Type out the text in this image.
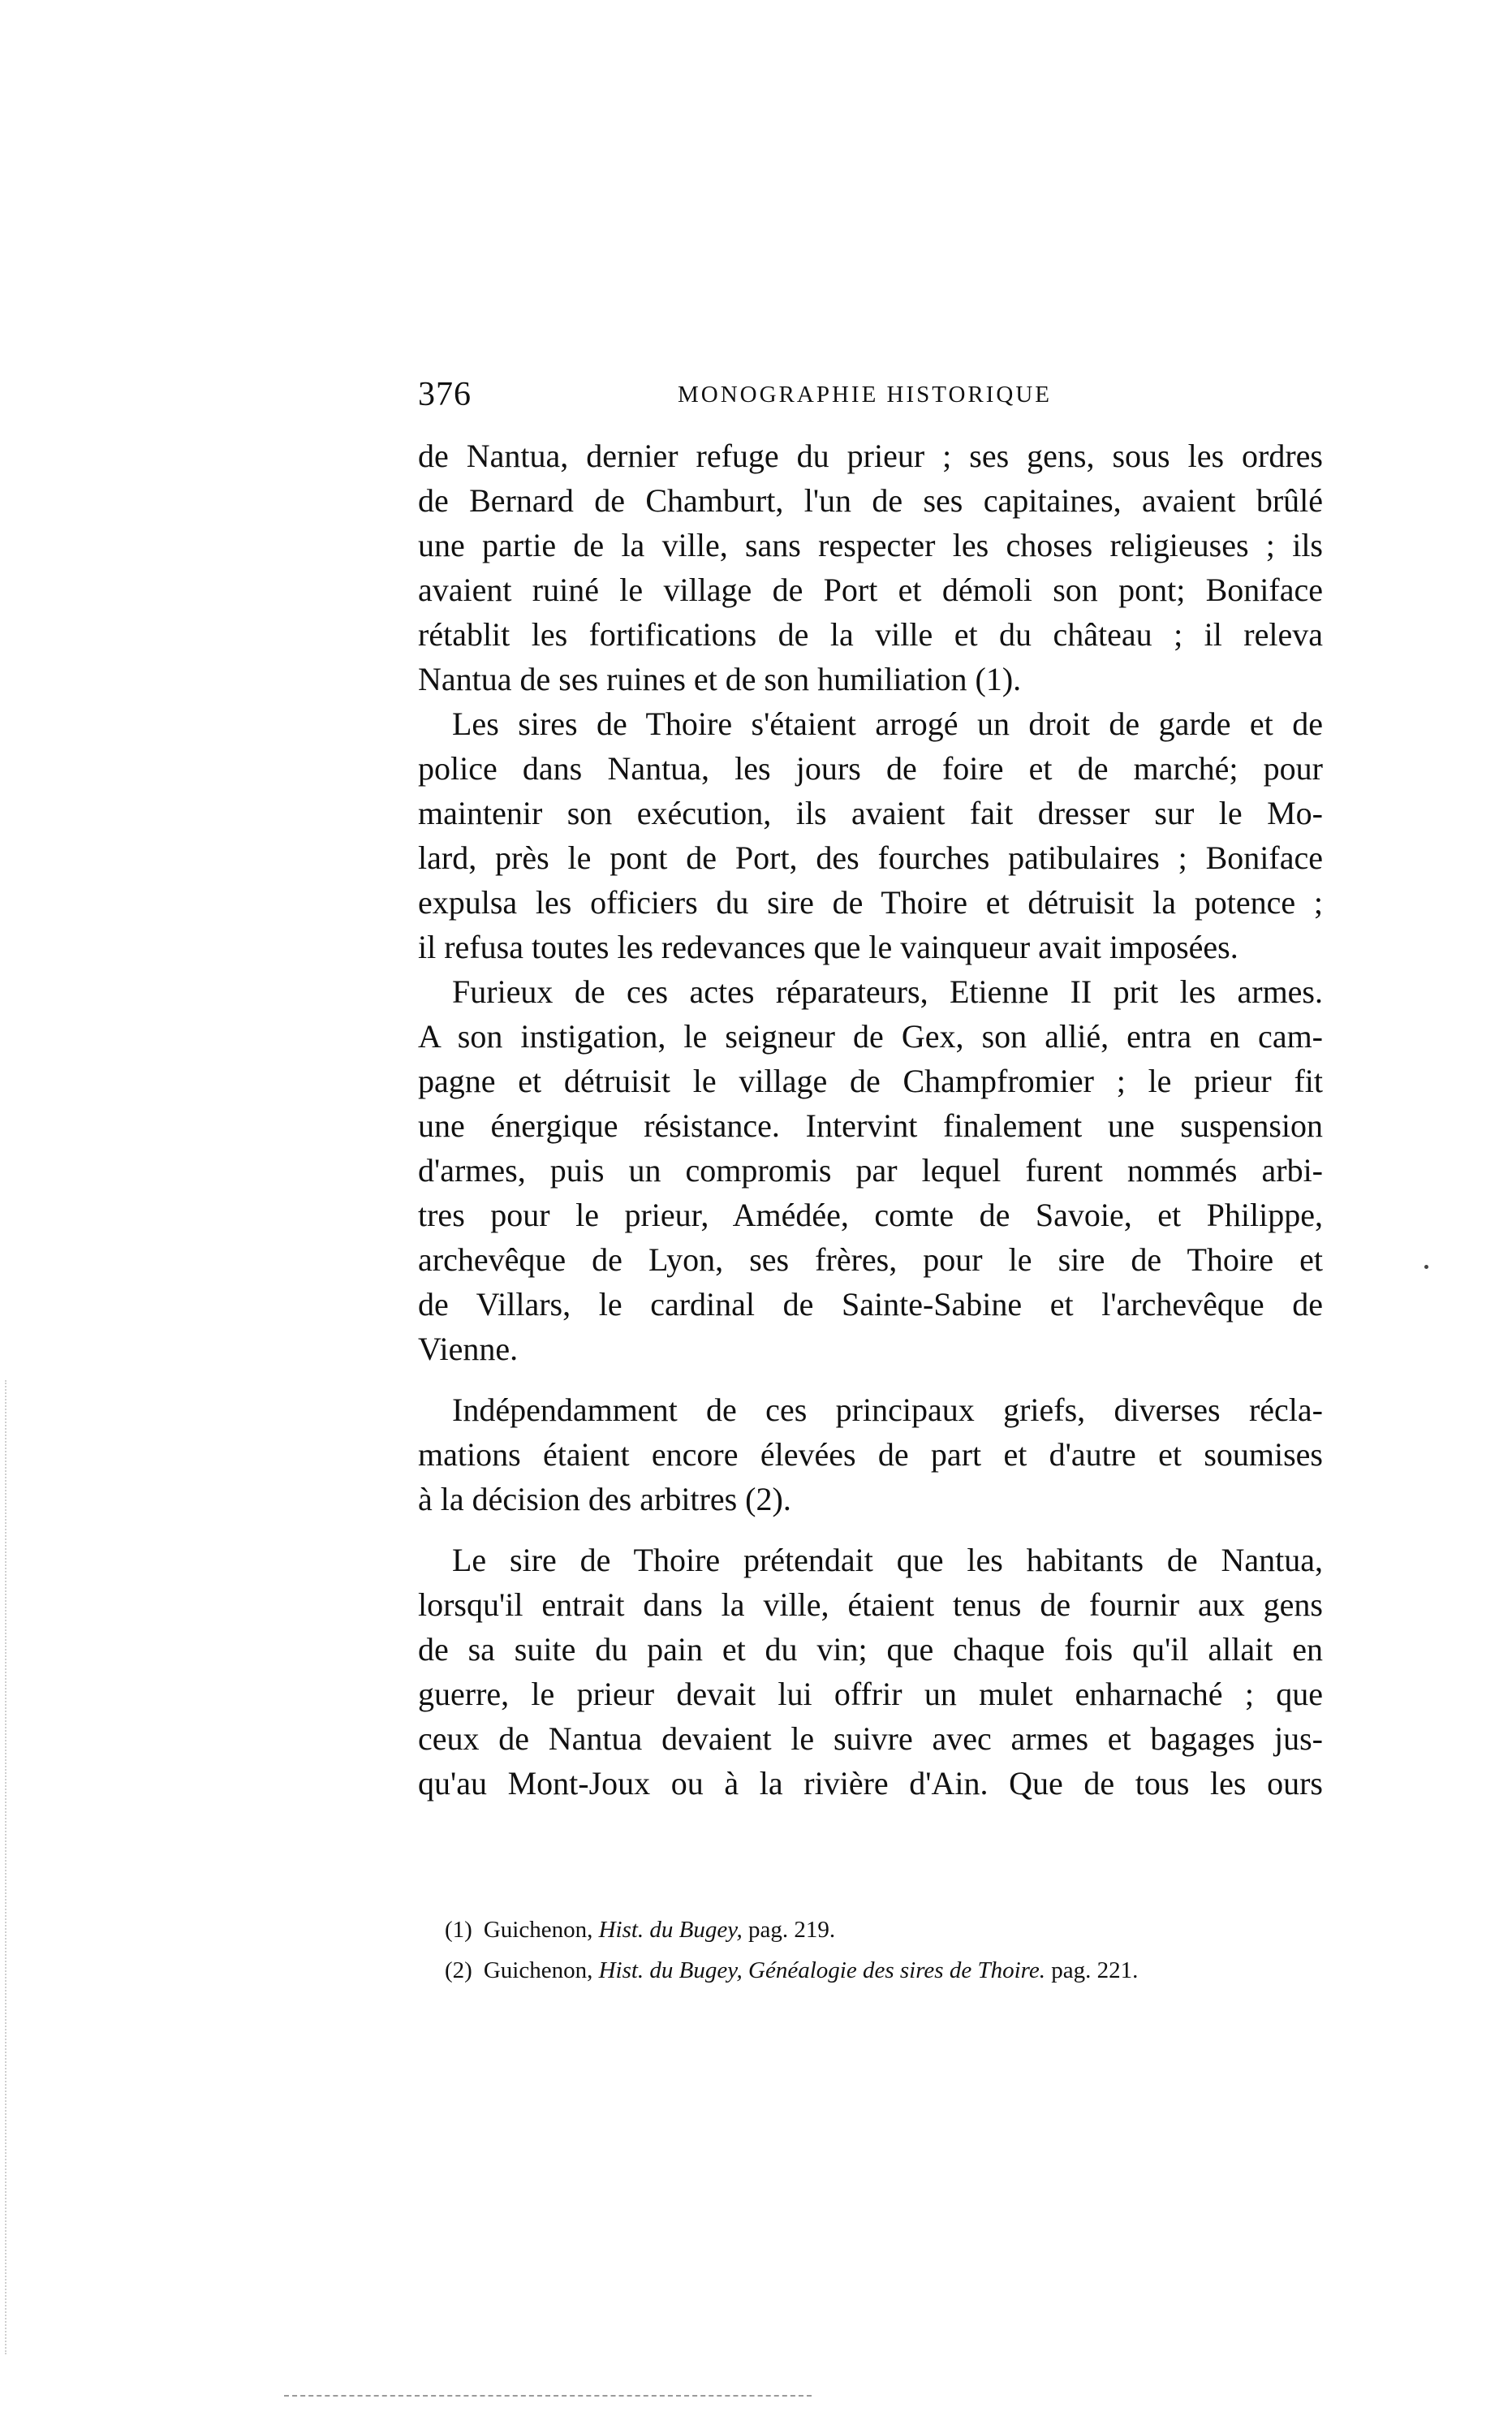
376	MONOGRAPHIE HISTORIQUE
de Nantua, dernier refuge du prieur ; ses gens, sous les ordres
de Bernard de Chamburt, l'un de ses capitaines, avaient brûlé
une partie de la ville, sans respecter les choses religieuses ; ils
avaient ruiné le village de Port et démoli son pont; Boniface
rétablit les fortifications de la ville et du château ; il releva
Nantua de ses ruines et de son humiliation (1).
Les sires de Thoire s'étaient arrogé un droit de garde et de
police dans Nantua, les jours de foire et de marché; pour
maintenir son exécution, ils avaient fait dresser sur le Mo-
lard, près le pont de Port, des fourches patibulaires ; Boniface
expulsa les officiers du sire de Thoire et détruisit la potence ;
il refusa toutes les redevances que le vainqueur avait imposées.
Furieux de ces actes réparateurs, Etienne II prit les armes.
A son instigation, le seigneur de Gex, son allié, entra en cam-
pagne et détruisit le village de Champfromier ; le prieur fit
une énergique résistance. Intervint finalement une suspension
d'armes, puis un compromis par lequel furent nommés arbi-
tres pour le prieur, Amédée, comte de Savoie, et Philippe,
archevêque de Lyon, ses frères, pour le sire de Thoire et
de Villars, le cardinal de Sainte-Sabine et l'archevêque de
Vienne.
Indépendamment de ces principaux griefs, diverses récla-
mations étaient encore élevées de part et d'autre et soumises
à la décision des arbitres (2).
Le sire de Thoire prétendait que les habitants de Nantua,
lorsqu'il entrait dans la ville, étaient tenus de fournir aux gens
de sa suite du pain et du vin; que chaque fois qu'il allait en
guerre, le prieur devait lui offrir un mulet enharnaché ; que
ceux de Nantua devaient le suivre avec armes et bagages jus-
qu'au Mont-Joux ou à la rivière d'Ain. Que de tous les ours
(1) Guichenon, Hist. du Bugey, pag. 219.
(2) Guichenon, Hist. du Bugey, Généalogie des sires de Thoire. pag. 221.
